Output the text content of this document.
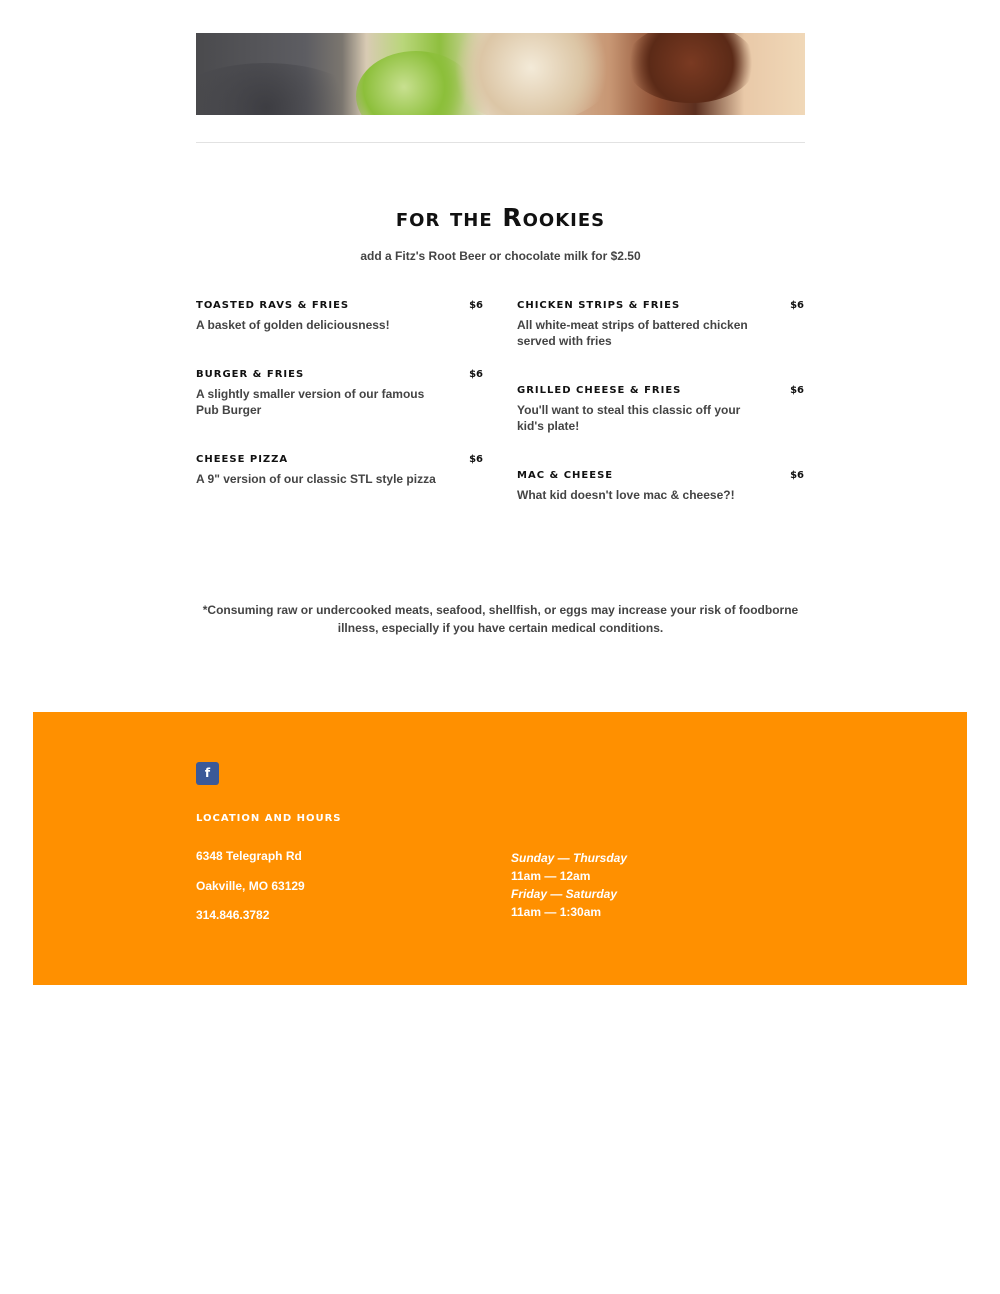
for the Rookies

add a Fitz's Root Beer or chocolate milk for $2.50

TOASTED RAVS & FRIES	$6
A basket of golden deliciousness!
BURGER & FRIES	$6
A slightly smaller version of our famous Pub Burger
CHEESE PIZZA	$6
A 9" version of our classic STL style pizza
CHICKEN STRIPS & FRIES	$6
All white-meat strips of battered chicken served with fries
GRILLED CHEESE & FRIES	$6
You'll want to steal this classic off your kid's plate!
MAC & CHEESE	$6
What kid doesn't love mac & cheese?!

*Consuming raw or undercooked meats, seafood, shellfish, or eggs may increase your risk of foodborne illness, especially if you have certain medical conditions.

f
LOCATION AND HOURS
6348 Telegraph Rd
Oakville, MO 63129
314.846.3782
Sunday — Thursday
11am — 12am
Friday — Saturday
11am — 1:30am
